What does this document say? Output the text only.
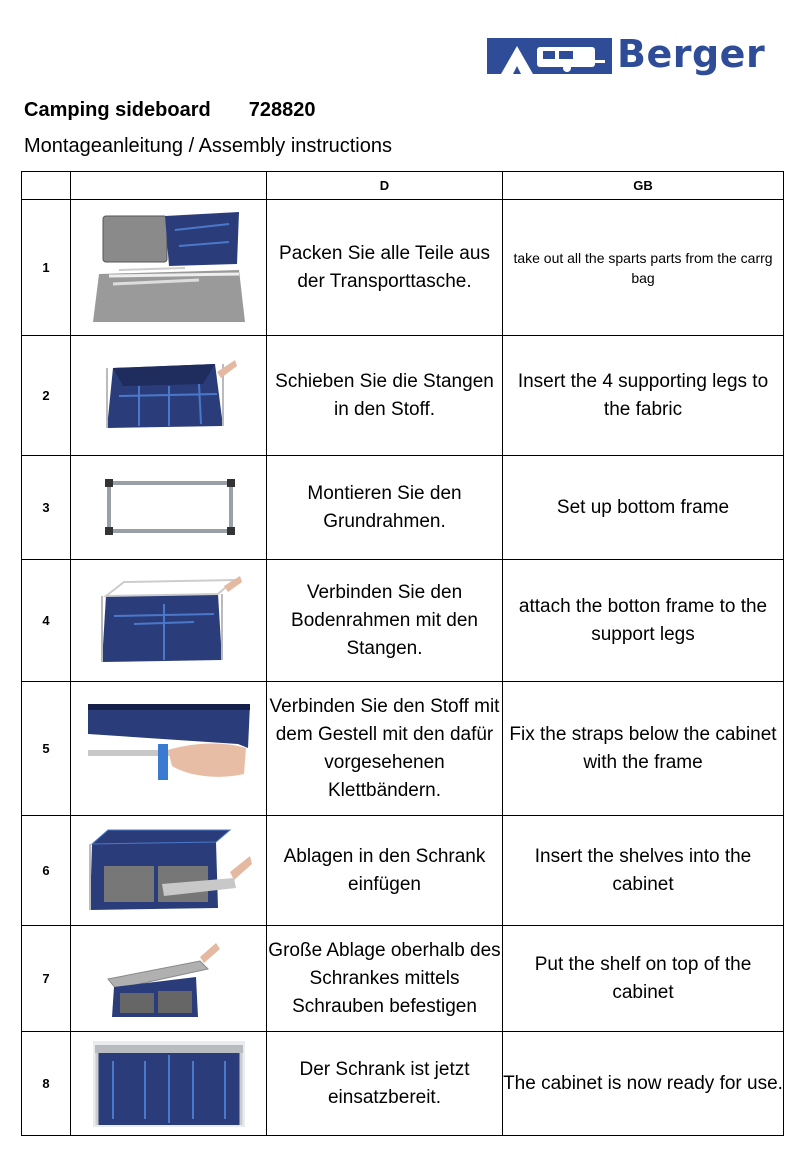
Berger
Camping sideboard 728820
Montageanleitung / Assembly instructions
		D	GB
1		Packen Sie alle Teile aus der Transporttasche.	take out all the sparts parts from the carrg bag
2		Schieben Sie die Stangen in den Stoff.	Insert the 4 supporting legs to the fabric
3		Montieren Sie den Grundrahmen.	Set up bottom frame
4		Verbinden Sie den Bodenrahmen mit den Stangen.	attach the botton frame to the support legs
5		Verbinden Sie den Stoff mit dem Gestell mit den dafür vorgesehenen Klettbändern.	Fix the straps below the cabinet with the frame
6		Ablagen in den Schrank einfügen	Insert the shelves into the cabinet
7		Große Ablage oberhalb des Schrankes mittels Schrauben befestigen	Put the shelf on top of the cabinet
8		Der Schrank ist jetzt einsatzbereit.	The cabinet is now ready for use.
